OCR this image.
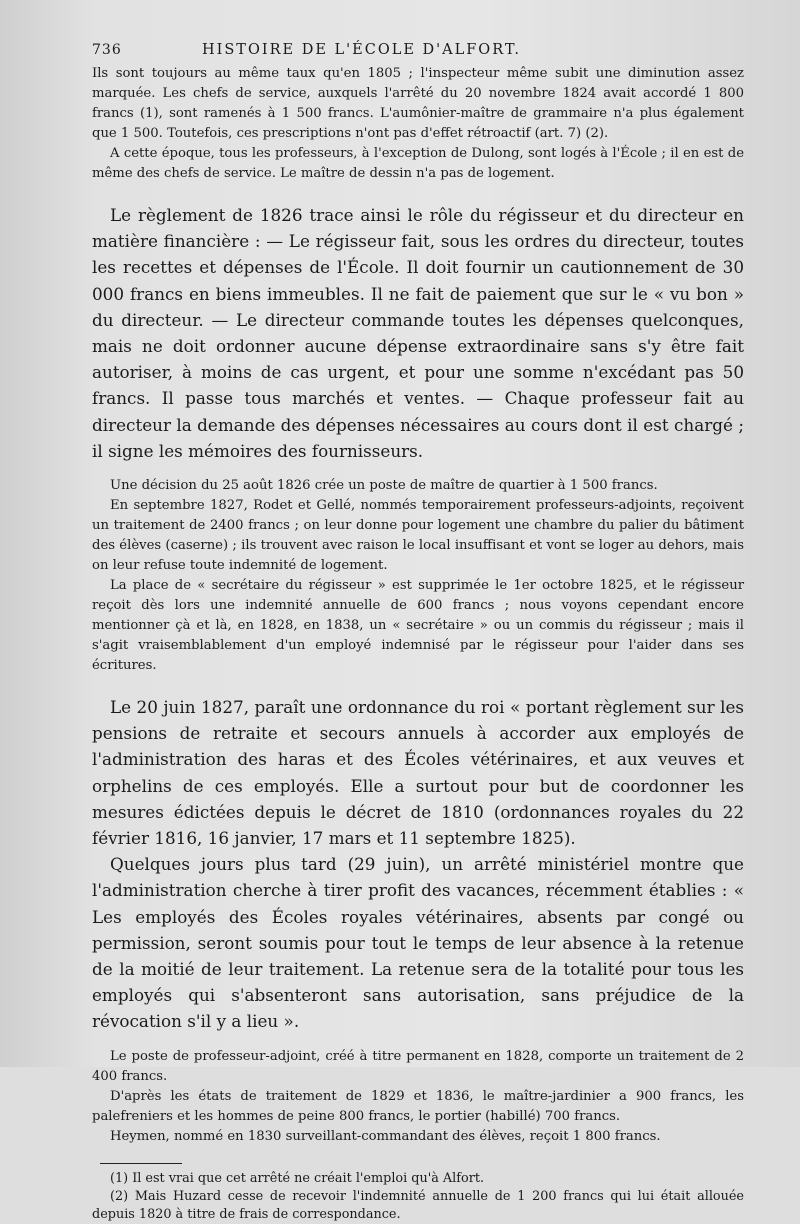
736	HISTOIRE DE L'ÉCOLE D'ALFORT.

Ils sont toujours au même taux qu'en 1805 ; l'inspecteur même subit une diminution assez marquée. Les chefs de service, auxquels l'arrêté du 20 novembre 1824 avait accordé 1 800 francs (1), sont ramenés à 1 500 francs. L'aumônier-maître de grammaire n'a plus également que 1 500. Toutefois, ces prescriptions n'ont pas d'effet rétroactif (art. 7) (2).

A cette époque, tous les professeurs, à l'exception de Dulong, sont logés à l'École ; il en est de même des chefs de service. Le maître de dessin n'a pas de logement.

Le règlement de 1826 trace ainsi le rôle du régisseur et du directeur en matière financière : — Le régisseur fait, sous les ordres du directeur, toutes les recettes et dépenses de l'École. Il doit fournir un cautionnement de 30 000 francs en biens immeubles. Il ne fait de paiement que sur le « vu bon » du directeur. — Le directeur commande toutes les dépenses quelconques, mais ne doit ordonner aucune dépense extraordinaire sans s'y être fait autoriser, à moins de cas urgent, et pour une somme n'excédant pas 50 francs. Il passe tous marchés et ventes. — Chaque professeur fait au directeur la demande des dépenses nécessaires au cours dont il est chargé ; il signe les mémoires des fournisseurs.

Une décision du 25 août 1826 crée un poste de maître de quartier à 1 500 francs.

En septembre 1827, Rodet et Gellé, nommés temporairement professeurs-adjoints, reçoivent un traitement de 2400 francs ; on leur donne pour logement une chambre du palier du bâtiment des élèves (caserne) ; ils trouvent avec raison le local insuffisant et vont se loger au dehors, mais on leur refuse toute indemnité de logement.

La place de « secrétaire du régisseur » est supprimée le 1er octobre 1825, et le régisseur reçoit dès lors une indemnité annuelle de 600 francs ; nous voyons cependant encore mentionner çà et là, en 1828, en 1838, un « secrétaire » ou un commis du régisseur ; mais il s'agit vraisemblablement d'un employé indemnisé par le régisseur pour l'aider dans ses écritures.

Le 20 juin 1827, paraît une ordonnance du roi « portant règlement sur les pensions de retraite et secours annuels à accorder aux employés de l'administration des haras et des Écoles vétérinaires, et aux veuves et orphelins de ces employés. Elle a surtout pour but de coordonner les mesures édictées depuis le décret de 1810 (ordonnances royales du 22 février 1816, 16 janvier, 17 mars et 11 septembre 1825).

Quelques jours plus tard (29 juin), un arrêté ministériel montre que l'administration cherche à tirer profit des vacances, récemment établies : « Les employés des Écoles royales vétérinaires, absents par congé ou permission, seront soumis pour tout le temps de leur absence à la retenue de la moitié de leur traitement. La retenue sera de la totalité pour tous les employés qui s'absenteront sans autorisation, sans préjudice de la révocation s'il y a lieu ».

Le poste de professeur-adjoint, créé à titre permanent en 1828, comporte un traitement de 2 400 francs.

D'après les états de traitement de 1829 et 1836, le maître-jardinier a 900 francs, les palefreniers et les hommes de peine 800 francs, le portier (habillé) 700 francs.

Heymen, nommé en 1830 surveillant-commandant des élèves, reçoit 1 800 francs.

(1) Il est vrai que cet arrêté ne créait l'emploi qu'à Alfort.

(2) Mais Huzard cesse de recevoir l'indemnité annuelle de 1 200 francs qui lui était allouée depuis 1820 à titre de frais de correspondance.
